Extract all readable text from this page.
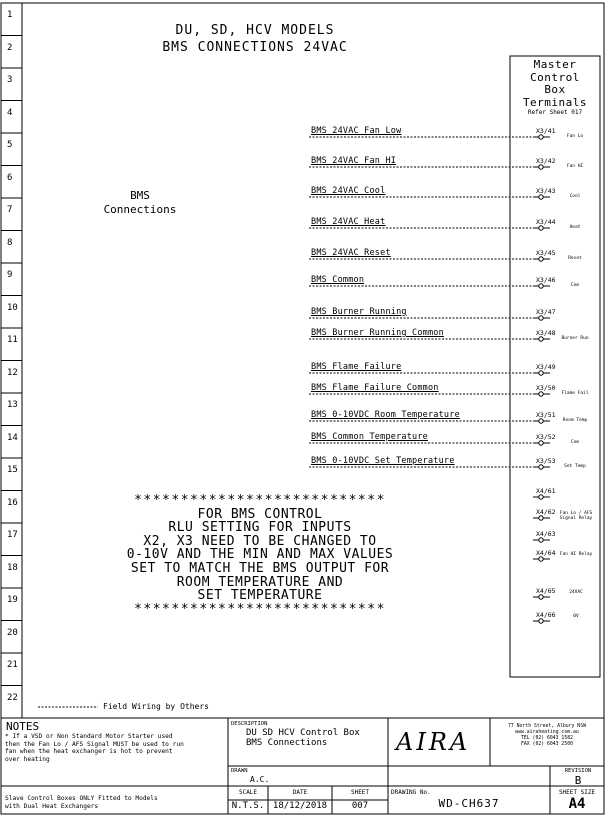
1
2
3
4
5
6
7
8
9
10
11
12
13
14
15
16
17
18
19
20
21
22
DU, SD, HCV MODELS
BMS CONNECTIONS 24VAC
BMS
Connections
Master
Control
Box
Terminals
Refer Sheet 017
BMS 24VAC Fan Low
BMS 24VAC Fan HI
BMS 24VAC Cool
BMS 24VAC Heat
BMS 24VAC Reset
BMS Common
BMS Burner Running
BMS Burner Running Common
BMS Flame Failure
BMS Flame Failure Common
BMS 0-10VDC Room Temperature
BMS Common Temperature
BMS 0-10VDC Set Temperature
X3/41
Fan Lo
X3/42
Fan HI
X3/43
Cool
X3/44
Heat
X3/45
Reset
X3/46
Com
X3/47
X3/48
Burner Run
X3/49
X3/50
Flame Fail
X3/51
Room Temp
X3/52
Com
X3/53
Set Temp
X4/61
X4/62 Fan Lo / AFS Signal Relay
X4/63
X4/64 Fan HI Relay
X4/65	24VAC
X4/66	0V
***************************
FOR BMS CONTROL
RLU SETTING FOR INPUTS
X2, X3 NEED TO BE CHANGED TO
0-10V AND THE MIN AND MAX VALUES
SET TO MATCH THE BMS OUTPUT FOR
ROOM TEMPERATURE AND
SET TEMPERATURE
***************************
Field Wiring by Others
NOTES
* If a VSD or Non Standard Motor Starter used
then the Fan Lo / AFS Signal MUST be used to run
fan when the heat exchanger is hot to prevent
over heating
Slave Control Boxes ONLY Fitted to Models
with Dual Heat Exchangers
DESCRIPTION
DU SD HCV Control Box
BMS Connections	AIRA
77 North Street, Albury NSW
www.airaheating.com.au
TEL (02) 6043 1582
FAX (02) 6043 2500
DRAWN
A.C.
REVISION
B
SCALE
N.T.S.
DATE
18/12/2018
SHEET
007
DRAWING No.
WD-CH637
SHEET SIZE
A4
